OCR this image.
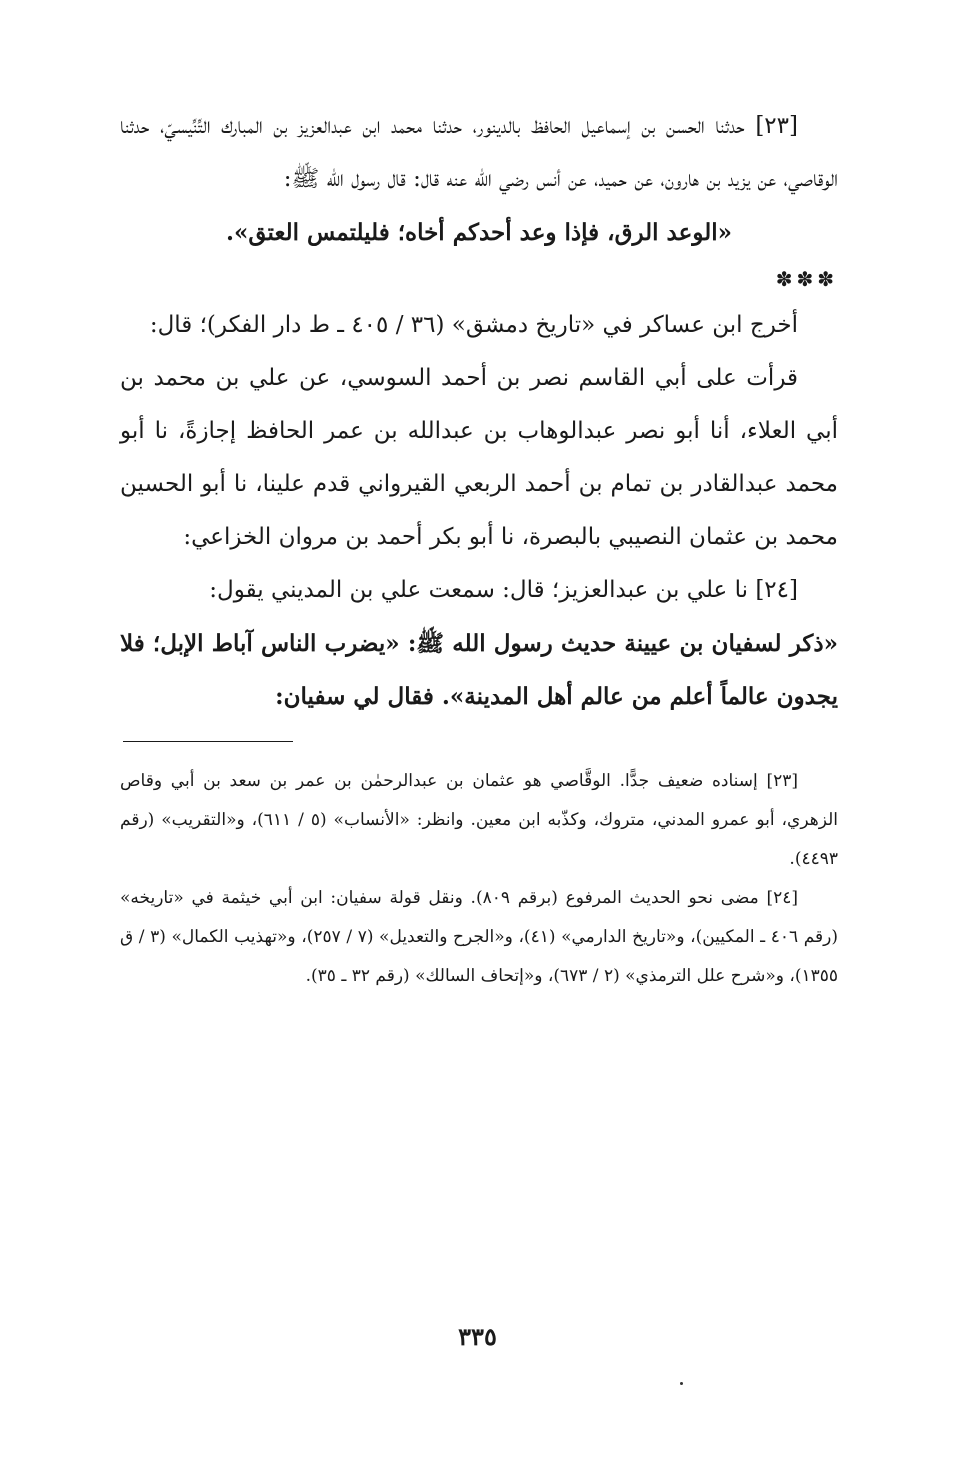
[٢٣] حدثنا الحسن بن إسماعيل الحافظ بالدينور، حدثنا محمد ابن عبدالعزيز بن المبارك التِّنِّيسيّ، حدثنا الوقاصي، عن يزيد بن هارون، عن حميد، عن أنس رضي الله عنه قال: قال رسول الله ﷺ:

«الوعد الرق، فإذا وعد أحدكم أخاه؛ فليلتمس العتق».

✽✽✽

أخرج ابن عساكر في «تاريخ دمشق» (٣٦ / ٤٠٥ ـ ط دار الفكر)؛ قال:

قرأت على أبي القاسم نصر بن أحمد السوسي، عن علي بن محمد بن أبي العلاء، أنا أبو نصر عبدالوهاب بن عبدالله بن عمر الحافظ إجازةً، نا أبو محمد عبدالقادر بن تمام بن أحمد الربعي القيرواني قدم علينا، نا أبو الحسين محمد بن عثمان النصيبي بالبصرة، نا أبو بكر أحمد بن مروان الخزاعي:

[٢٤] نا علي بن عبدالعزيز؛ قال: سمعت علي بن المديني يقول:

«ذكر لسفيان بن عيينة حديث رسول الله ﷺ: «يضرب الناس آباط الإبل؛ فلا يجدون عالماً أعلم من عالم أهل المدينة». فقال لي سفيان:

[٢٣] إسناده ضعيف جدًّا. الوقَّاصي هو عثمان بن عبدالرحمٰن بن عمر بن سعد بن أبي وقاص الزهري، أبو عمرو المدني، متروك، وكذّبه ابن معين. وانظر: «الأنساب» (٥ / ٦١١)، و«التقريب» (رقم ٤٤٩٣).

[٢٤] مضى نحو الحديث المرفوع (برقم ٨٠٩). ونقل قولة سفيان: ابن أبي خيثمة في «تاريخه» (رقم ٤٠٦ ـ المكيين)، و«تاريخ الدارمي» (٤١)، و«الجرح والتعديل» (٧ / ٢٥٧)، و«تهذيب الكمال» (٣ / ق ١٣٥٥)، و«شرح علل الترمذي» (٢ / ٦٧٣)، و«إتحاف السالك» (رقم ٣٢ ـ ٣٥).

٣٣٥
